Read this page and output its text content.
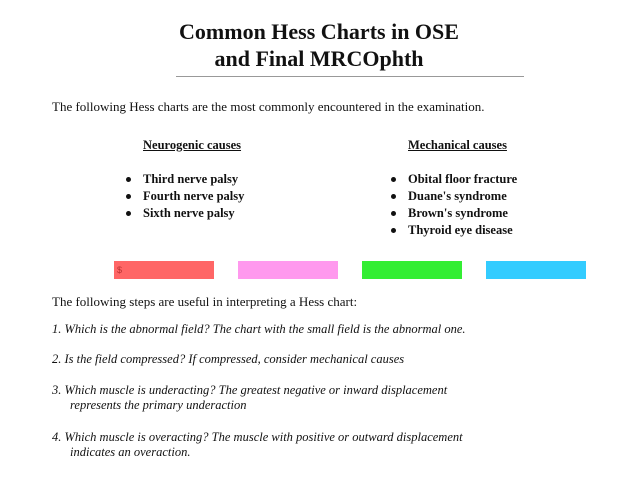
Common Hess Charts in OSE
and Final MRCOphth
The following Hess charts are the most commonly encountered in the examination.
Neurogenic causes
Third nerve palsy
Fourth nerve palsy
Sixth nerve palsy
Mechanical causes
Obital floor fracture
Duane's syndrome
Brown's syndrome
Thyroid eye disease
$
The following steps are useful in interpreting a Hess chart:
1. Which is the abnormal field? The chart with the small field is the abnormal one.
2. Is the field compressed? If compressed, consider mechanical causes
3. Which muscle is underacting? The greatest negative or inward displacement
represents the primary underaction
4. Which muscle is overacting? The muscle with positive or outward displacement
indicates an overaction.
